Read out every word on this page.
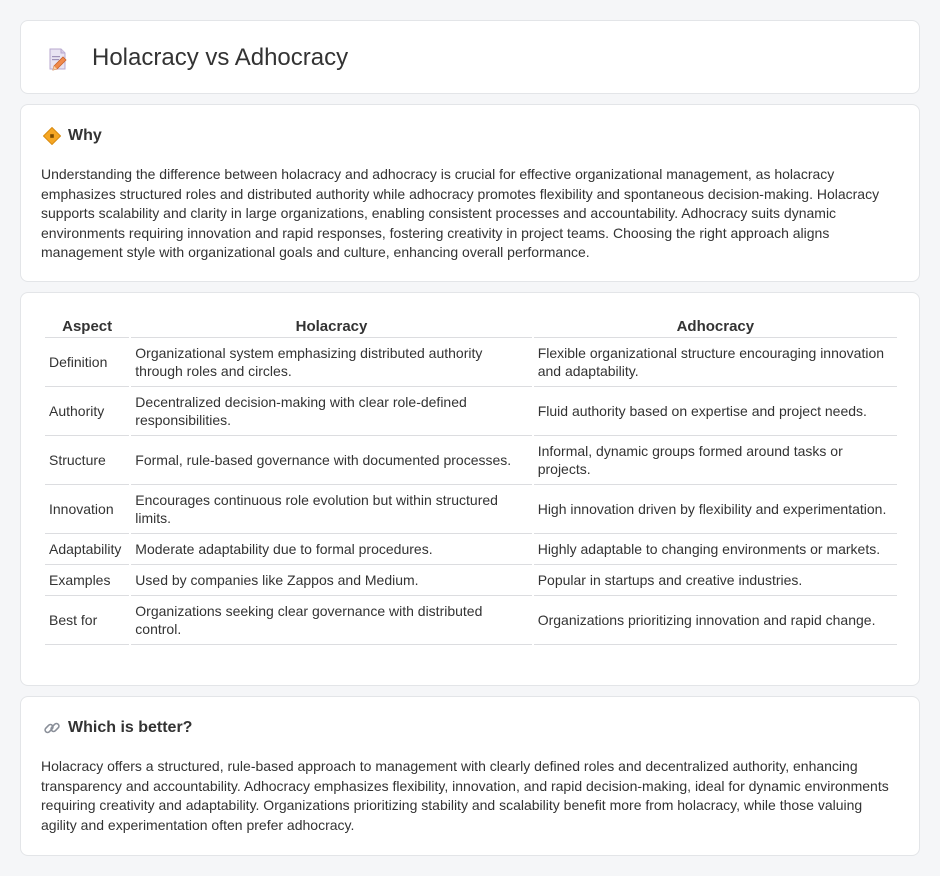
Holacracy vs Adhocracy
Why

Understanding the difference between holacracy and adhocracy is crucial for effective organizational management, as holacracy emphasizes structured roles and distributed authority while adhocracy promotes flexibility and spontaneous decision-making. Holacracy supports scalability and clarity in large organizations, enabling consistent processes and accountability. Adhocracy suits dynamic environments requiring innovation and rapid responses, fostering creativity in project teams. Choosing the right approach aligns management style with organizational goals and culture, enhancing overall performance.

Aspect	Holacracy	Adhocracy
Definition	Organizational system emphasizing distributed authority through roles and circles.	Flexible organizational structure encouraging innovation and adaptability.
Authority	Decentralized decision-making with clear role-defined responsibilities.	Fluid authority based on expertise and project needs.
Structure	Formal, rule-based governance with documented processes.	Informal, dynamic groups formed around tasks or projects.
Innovation	Encourages continuous role evolution but within structured limits.	High innovation driven by flexibility and experimentation.
Adaptability	Moderate adaptability due to formal procedures.	Highly adaptable to changing environments or markets.
Examples	Used by companies like Zappos and Medium.	Popular in startups and creative industries.
Best for	Organizations seeking clear governance with distributed control.	Organizations prioritizing innovation and rapid change.
Which is better?

Holacracy offers a structured, rule-based approach to management with clearly defined roles and decentralized authority, enhancing transparency and accountability. Adhocracy emphasizes flexibility, innovation, and rapid decision-making, ideal for dynamic environments requiring creativity and adaptability. Organizations prioritizing stability and scalability benefit more from holacracy, while those valuing agility and experimentation often prefer adhocracy.
